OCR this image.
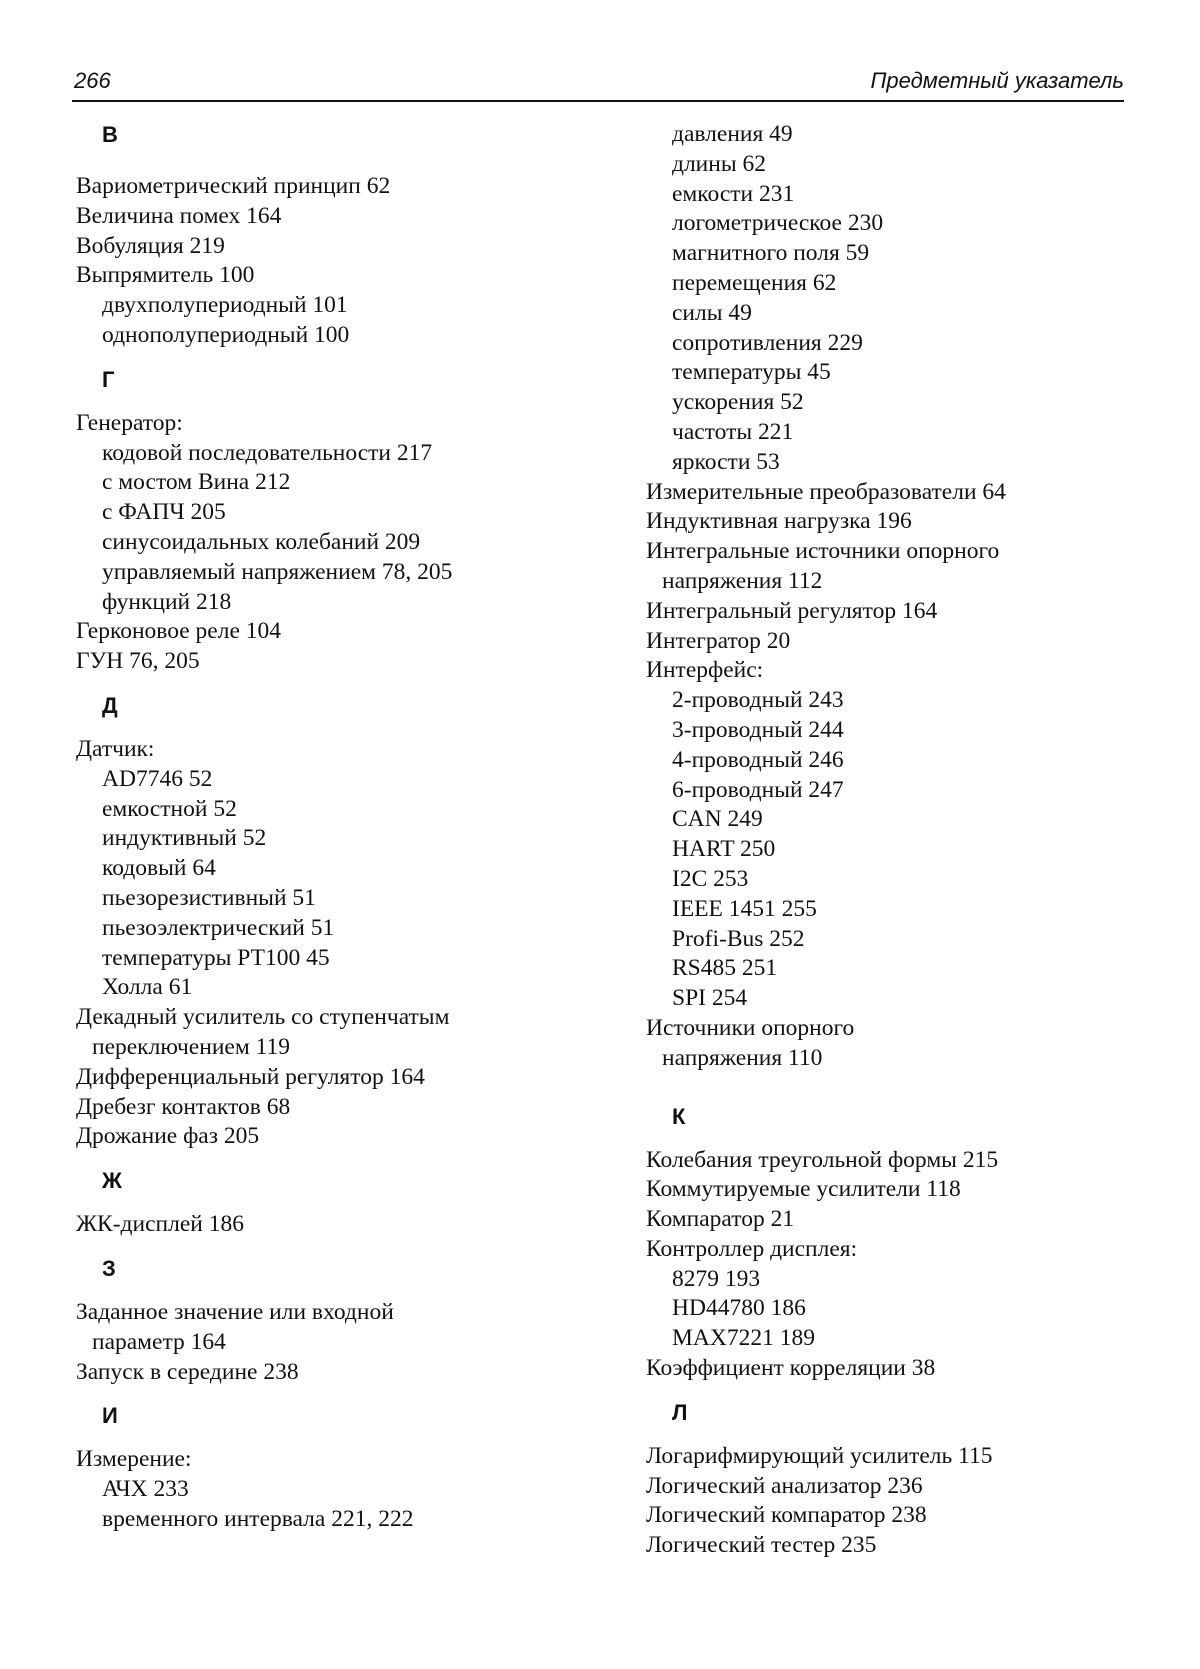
266	Предметный указатель
В
Вариометрический принцип 62
Величина помех 164
Вобуляция 219
Выпрямитель 100
двухполупериодный 101
однополупериодный 100
Г
Генератор:
кодовой последовательности 217
с мостом Вина 212
с ФАПЧ 205
синусоидальных колебаний 209
управляемый напряжением 78, 205
функций 218
Герконовое реле 104
ГУН 76, 205
Д
Датчик:
AD7746 52
емкостной 52
индуктивный 52
кодовый 64
пьезорезистивный 51
пьезоэлектрический 51
температуры РТ100 45
Холла 61
Декадный усилитель со ступенчатым
переключением 119
Дифференциальный регулятор 164
Дребезг контактов 68
Дрожание фаз 205
Ж
ЖК-дисплей 186
З
Заданное значение или входной
параметр 164
Запуск в середине 238
И
Измерение:
АЧХ 233
временного интервала 221, 222
давления 49
длины 62
емкости 231
логометрическое 230
магнитного поля 59
перемещения 62
силы 49
сопротивления 229
температуры 45
ускорения 52
частоты 221
яркости 53
Измерительные преобразователи 64
Индуктивная нагрузка 196
Интегральные источники опорного
напряжения 112
Интегральный регулятор 164
Интегратор 20
Интерфейс:
2-проводный 243
3-проводный 244
4-проводный 246
6-проводный 247
CAN 249
HART 250
I2C 253
IEEE 1451 255
Profi-Bus 252
RS485 251
SPI 254
Источники опорного
напряжения 110
К
Колебания треугольной формы 215
Коммутируемые усилители 118
Компаратор 21
Контроллер дисплея:
8279 193
HD44780 186
MAX7221 189
Коэффициент корреляции 38
Л
Логарифмирующий усилитель 115
Логический анализатор 236
Логический компаратор 238
Логический тестер 235
